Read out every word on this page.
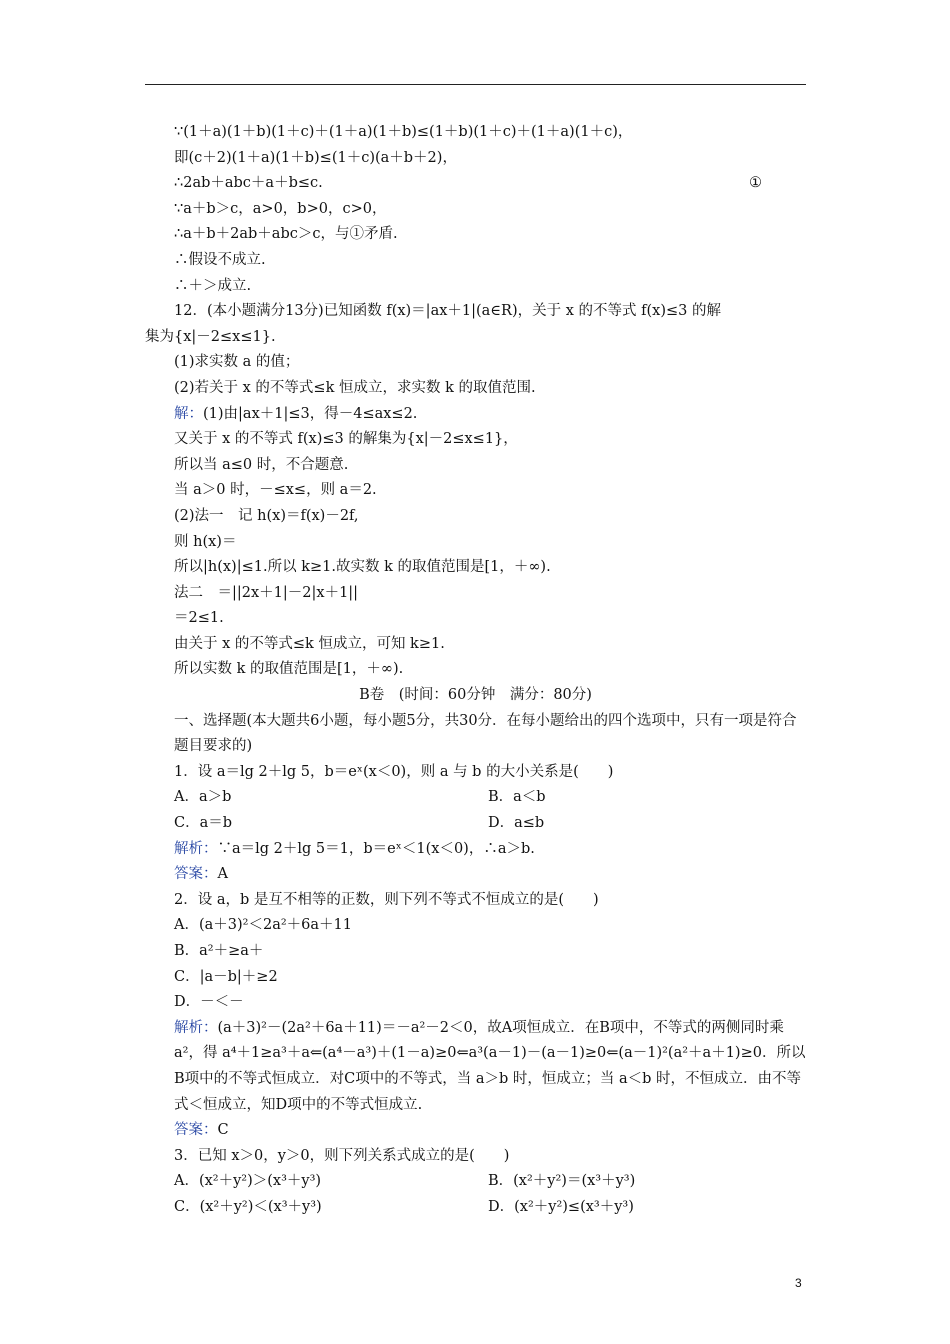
∵(1＋a)(1＋b)(1＋c)＋(1＋a)(1＋b)≤(1＋b)(1＋c)＋(1＋a)(1＋c)，
即(c＋2)(1＋a)(1＋b)≤(1＋c)(a＋b＋2)，
∴2ab＋abc＋a＋b≤c.	①
∵a＋b＞c，a>0，b>0，c>0，
∴a＋b＋2ab＋abc＞c，与①矛盾.
∴假设不成立.
∴＋＞成立.
12．(本小题满分13分)已知函数 f(x)＝|ax＋1|(a∈R)，关于 x 的不等式 f(x)≤3 的解
集为{x|－2≤x≤1}.
(1)求实数 a 的值；
(2)若关于 x 的不等式≤k 恒成立，求实数 k 的取值范围.
解：(1)由|ax＋1|≤3，得－4≤ax≤2.
又关于 x 的不等式 f(x)≤3 的解集为{x|－2≤x≤1}，
所以当 a≤0 时，不合题意.
当 a＞0 时，－≤x≤，则 a＝2.
(2)法一　记 h(x)＝f(x)－2f,
则 h(x)＝
所以|h(x)|≤1.所以 k≥1.故实数 k 的取值范围是[1，＋∞).
法二　＝||2x＋1|－2|x＋1||
＝2≤1.
由关于 x 的不等式≤k 恒成立，可知 k≥1.
所以实数 k 的取值范围是[1，＋∞).
B卷　(时间：60分钟　满分：80分)
一、选择题(本大题共6小题，每小题5分，共30分．在每小题给出的四个选项中，只有一项是符合题目要求的)
1．设 a＝lg 2＋lg 5，b＝eˣ(x＜0)，则 a 与 b 的大小关系是(　　)
A．a＞b	B．a＜b
C．a＝b	D．a≤b
解析：∵a＝lg 2＋lg 5＝1，b＝eˣ＜1(x＜0)，∴a＞b.
答案：A
2．设 a，b 是互不相等的正数，则下列不等式不恒成立的是(　　)
A．(a＋3)²＜2a²＋6a＋11
B．a²＋≥a＋
C．|a－b|＋≥2
D．－＜－
解析：(a＋3)²－(2a²＋6a＋11)＝－a²－2＜0，故A项恒成立．在B项中，不等式的两侧同时乘 a²，得 a⁴＋1≥a³＋a⇐(a⁴－a³)＋(1－a)≥0⇐a³(a－1)－(a－1)≥0⇐(a－1)²(a²＋a＋1)≥0．所以B项中的不等式恒成立．对C项中的不等式，当 a＞b 时，恒成立；当 a＜b 时，不恒成立．由不等式＜恒成立，知D项中的不等式恒成立.
答案：C
3．已知 x＞0，y＞0，则下列关系式成立的是(　　)
A．(x²＋y²)＞(x³＋y³)	B．(x²＋y²)＝(x³＋y³)
C．(x²＋y²)＜(x³＋y³)	D．(x²＋y²)≤(x³＋y³)
3
